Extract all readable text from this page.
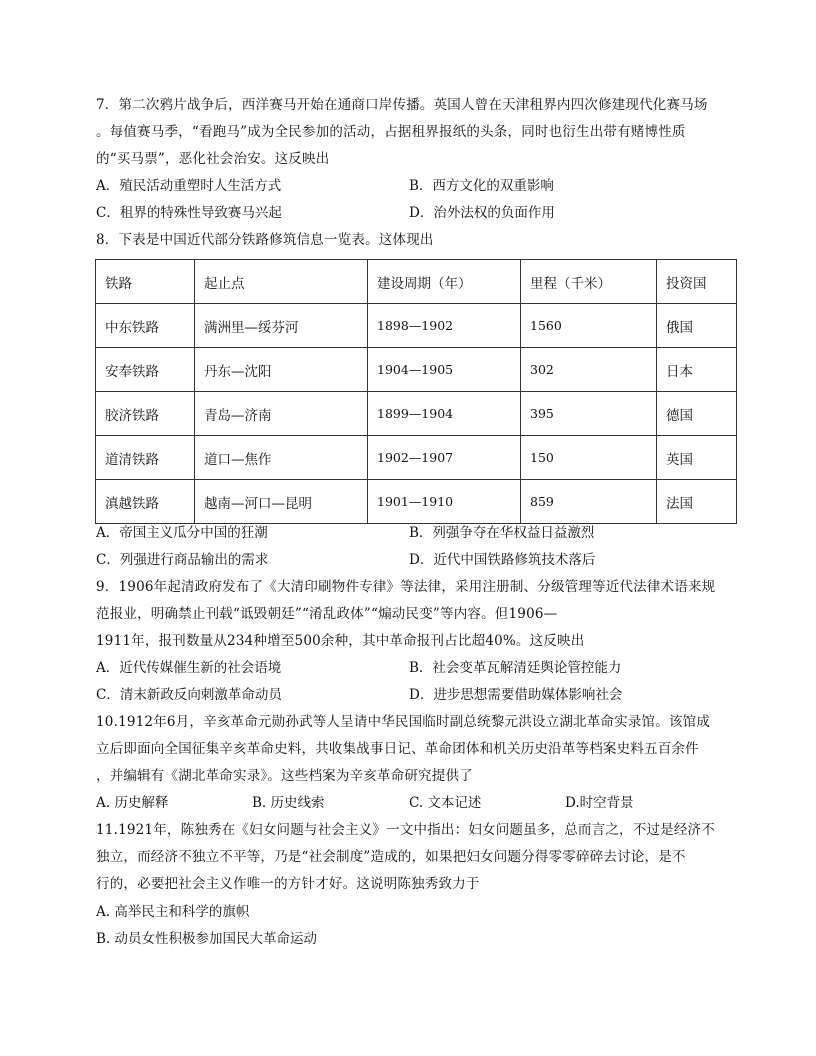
7．第二次鸦片战争后，西洋赛马开始在通商口岸传播。英国人曾在天津租界内四次修建现代化赛马场
。每值赛马季，“看跑马”成为全民参加的活动，占据租界报纸的头条，同时也衍生出带有赌博性质
的“买马票”，恶化社会治安。这反映出
A．殖民活动重塑时人生活方式	B．西方文化的双重影响
C．租界的特殊性导致赛马兴起	D．治外法权的负面作用
8．下表是中国近代部分铁路修筑信息一览表。这体现出
铁路	起止点	建设周期（年）	里程（千米）	投资国
中东铁路	满洲里—绥芬河	1898—1902	1560	俄国
安奉铁路	丹东—沈阳	1904—1905	302	日本
胶济铁路	青岛—济南	1899—1904	395	德国
道清铁路	道口—焦作	1902—1907	150	英国
滇越铁路	越南—河口—昆明	1901—1910	859	法国
A．帝国主义瓜分中国的狂潮	B．列强争夺在华权益日益激烈
C．列强进行商品输出的需求	D．近代中国铁路修筑技术落后
9．1906年起清政府发布了《大清印刷物件专律》等法律，采用注册制、分级管理等近代法律术语来规
范报业，明确禁止刊载“诋毁朝廷”“淆乱政体”“煽动民变”等内容。但1906—
1911年，报刊数量从234种增至500余种，其中革命报刊占比超40%。这反映出
A．近代传媒催生新的社会语境	B．社会变革瓦解清廷舆论管控能力
C．清末新政反向刺激革命动员	D．进步思想需要借助媒体影响社会
10.1912年6月，辛亥革命元勋孙武等人呈请中华民国临时副总统黎元洪设立湖北革命实录馆。该馆成
立后即面向全国征集辛亥革命史料，共收集战事日记、革命团体和机关历史沿革等档案史料五百余件
，并编辑有《湖北革命实录》。这些档案为辛亥革命研究提供了
A. 历史解释	B. 历史线索	C. 文本记述	D.时空背景
11.1921年，陈独秀在《妇女问题与社会主义》一文中指出：妇女问题虽多，总而言之，不过是经济不
独立，而经济不独立不平等，乃是“社会制度”造成的，如果把妇女问题分得零零碎碎去讨论，是不
行的，必要把社会主义作唯一的方针才好。这说明陈独秀致力于
A. 高举民主和科学的旗帜
B. 动员女性积极参加国民大革命运动
